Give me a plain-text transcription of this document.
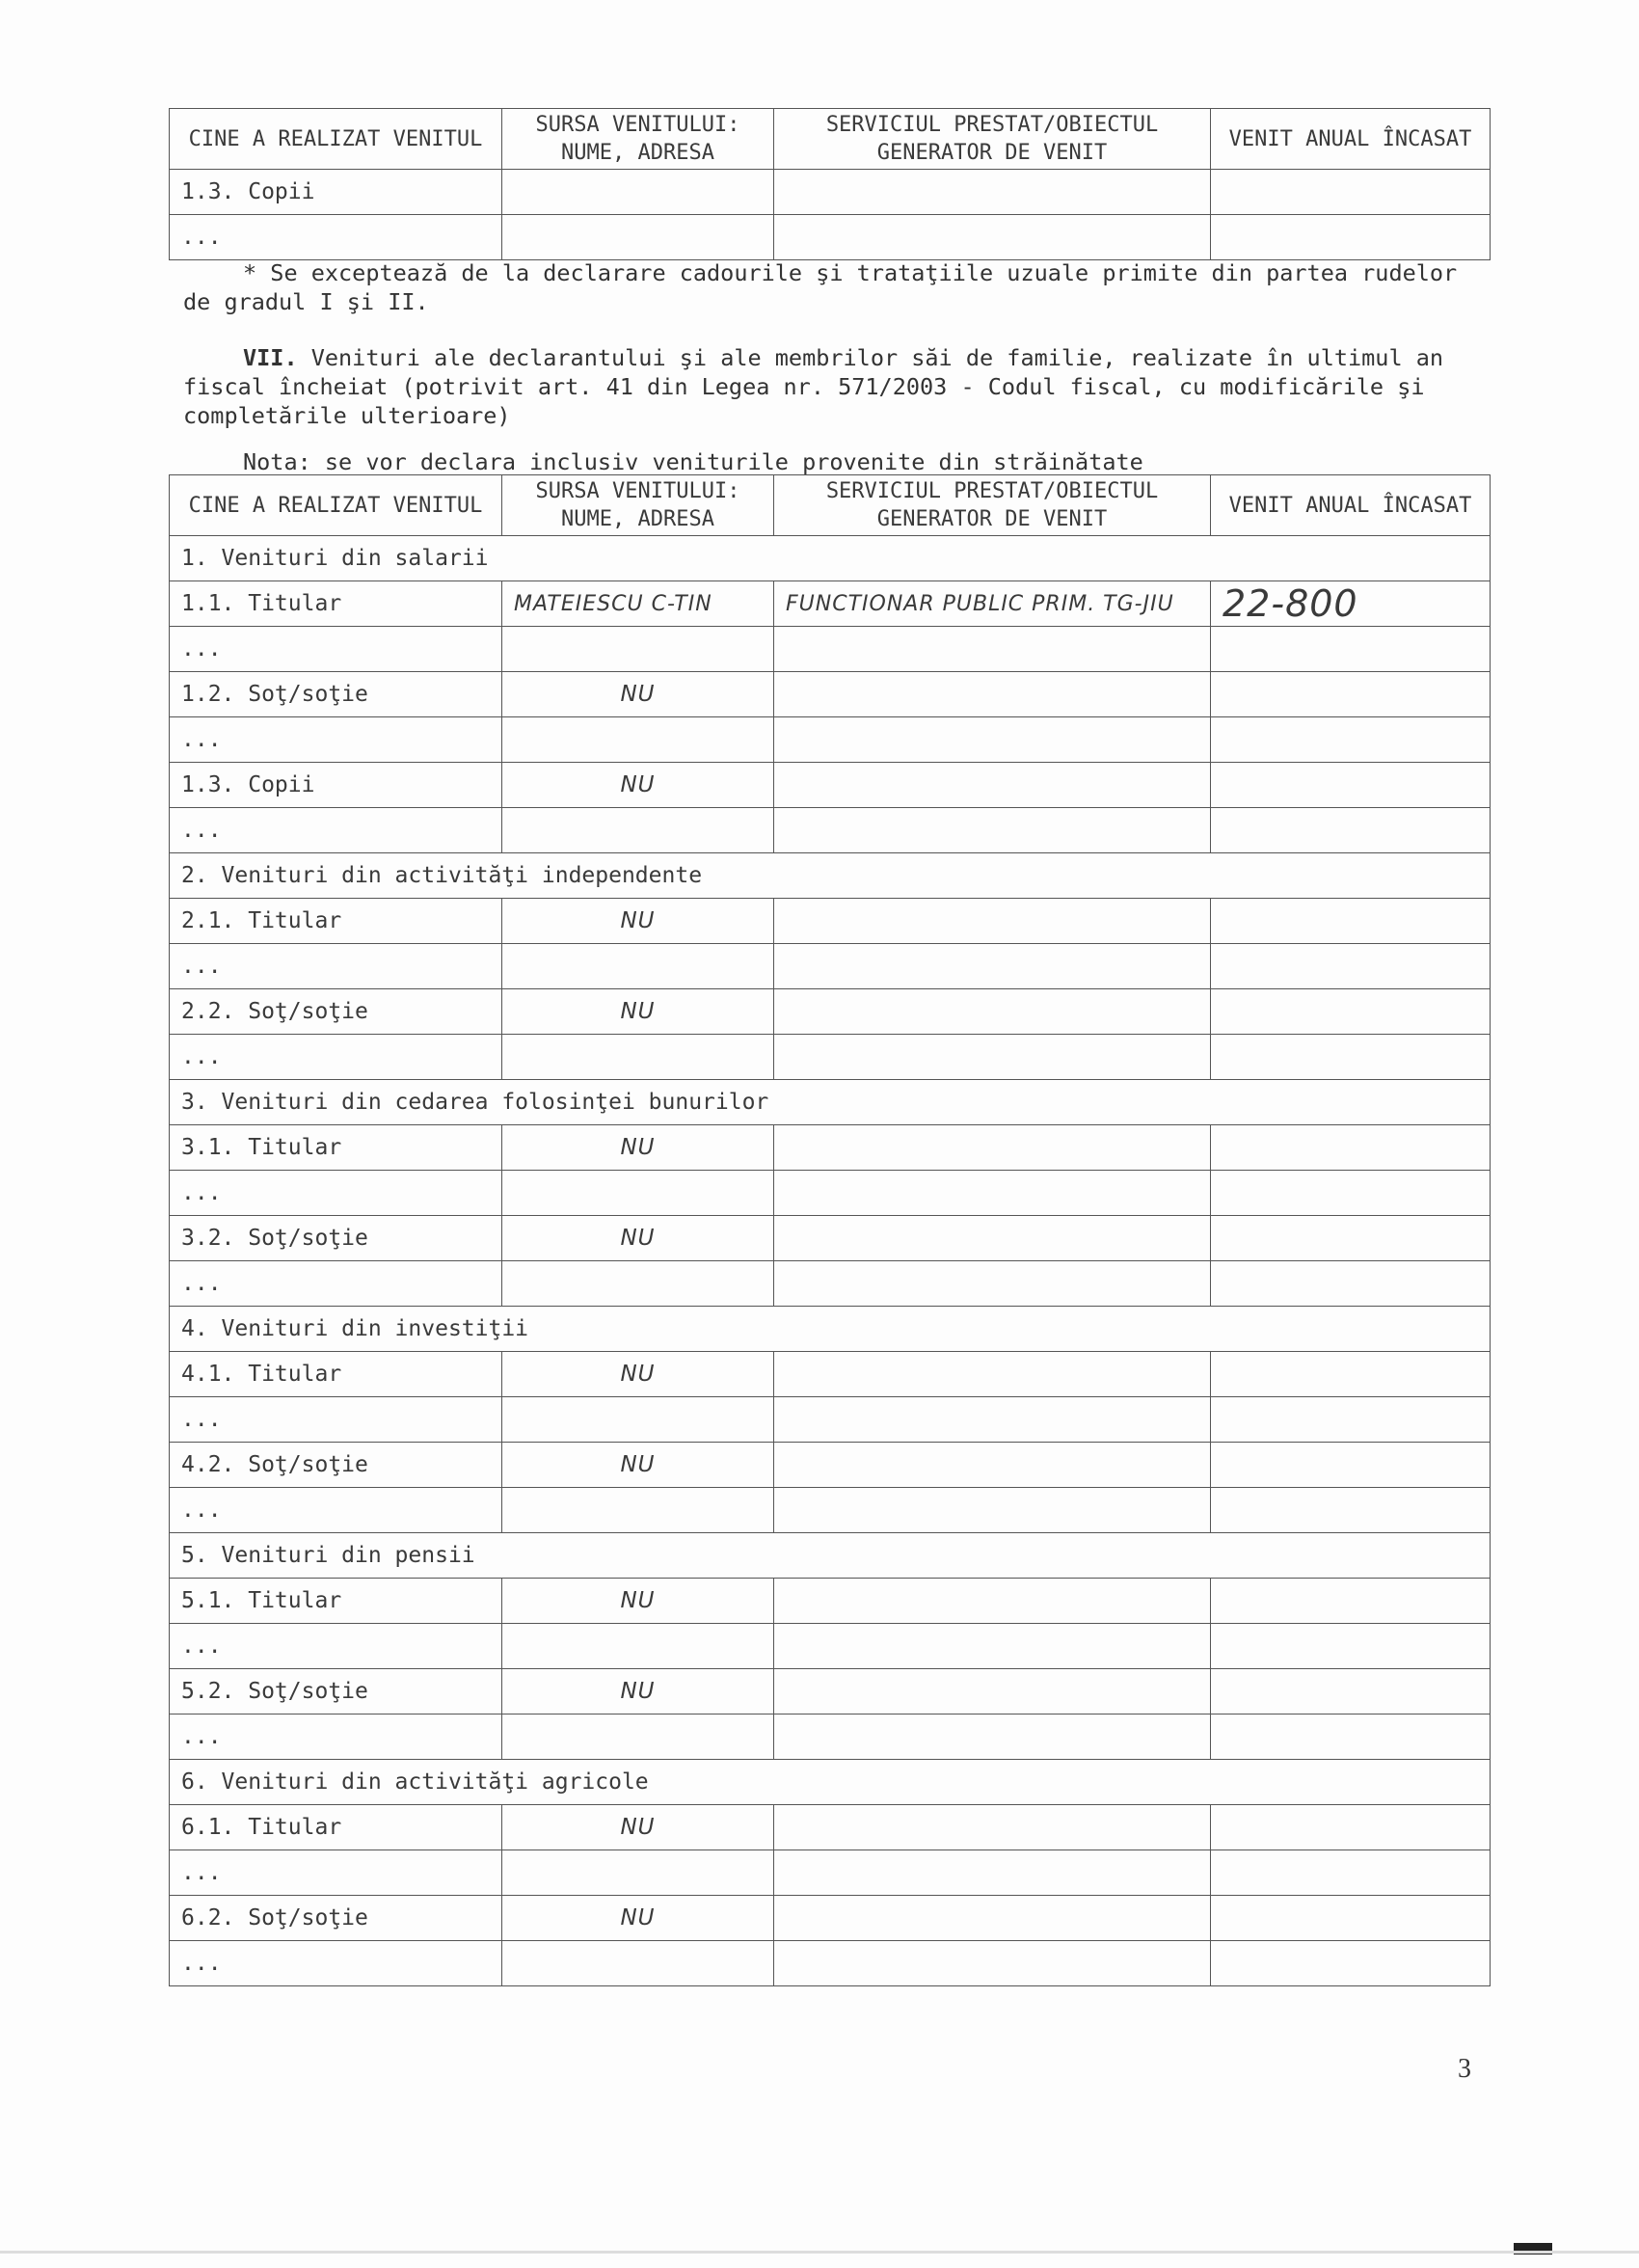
CINE A REALIZAT VENITUL	SURSA VENITULUI: NUME, ADRESA	SERVICIUL PRESTAT/OBIECTUL GENERATOR DE VENIT	VENIT ANUAL ÎNCASAT
1.3. Copii			
...			
* Se exceptează de la declarare cadourile şi trataţiile uzuale primite din partea rudelor de gradul I şi II.
VII. Venituri ale declarantului şi ale membrilor săi de familie, realizate în ultimul an fiscal încheiat (potrivit art. 41 din Legea nr. 571/2003 - Codul fiscal, cu modificările şi completările ulterioare)
Nota: se vor declara inclusiv veniturile provenite din străinătate
CINE A REALIZAT VENITUL	SURSA VENITULUI: NUME, ADRESA	SERVICIUL PRESTAT/OBIECTUL GENERATOR DE VENIT	VENIT ANUAL ÎNCASAT
1. Venituri din salarii			
1.1. Titular	MATEIESCU C-TIN	FUNCTIONAR PUBLIC PRIM. TG-JIU	22-800
...			
1.2. Soţ/soţie	NU		
...			
1.3. Copii	NU		
...			
2. Venituri din activităţi independente			
2.1. Titular	NU		
...			
2.2. Soţ/soţie	NU		
...			
3. Venituri din cedarea folosinţei bunurilor			
3.1. Titular	NU		
...			
3.2. Soţ/soţie	NU		
...			
4. Venituri din investiţii			
4.1. Titular	NU		
...			
4.2. Soţ/soţie	NU		
...			
5. Venituri din pensii			
5.1. Titular	NU		
...			
5.2. Soţ/soţie	NU		
...			
6. Venituri din activităţi agricole			
6.1. Titular	NU		
...			
6.2. Soţ/soţie	NU		
...			
3
